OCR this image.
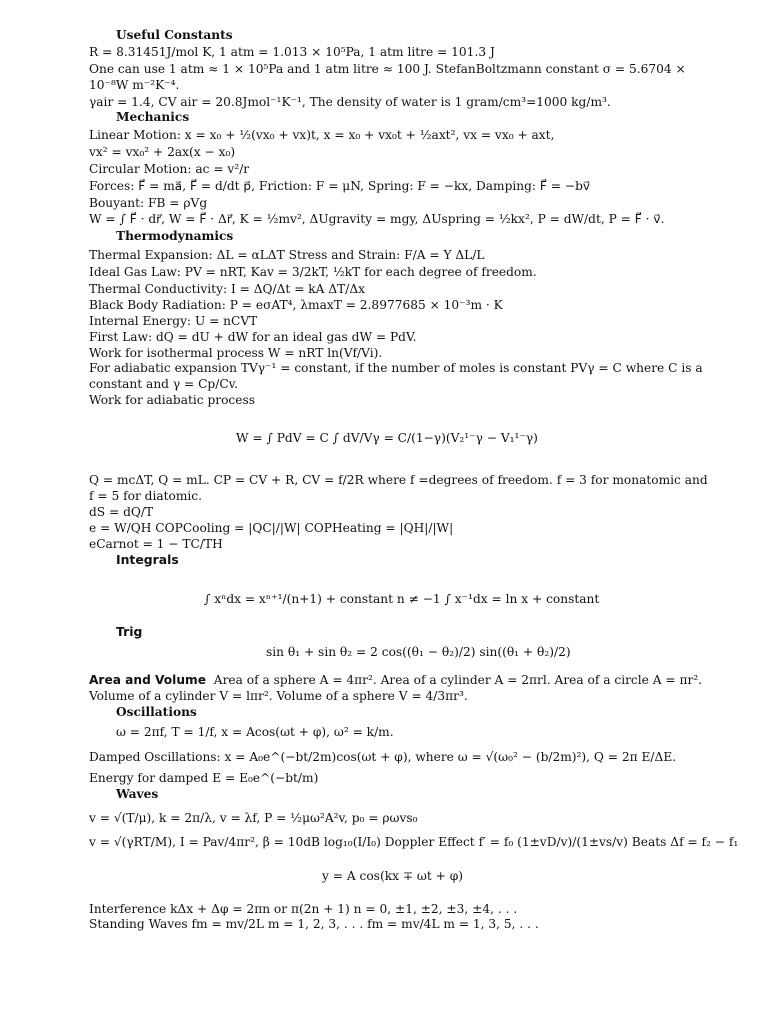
Useful Constants
R = 8.31451J/mol K, 1 atm = 1.013 × 10⁵Pa, 1 atm litre = 101.3 J
One can use 1 atm ≈ 1 × 10⁵Pa and 1 atm litre ≈ 100 J. StefanBoltzmann constant σ = 5.6704 ×
10⁻⁸W m⁻²K⁻⁴.
γair = 1.4, CV air = 20.8Jmol⁻¹K⁻¹, The density of water is 1 gram/cm³=1000 kg/m³.
Mechanics
Linear Motion: x = x₀ + ½(vx₀ + vx)t, x = x₀ + vx₀t + ½axt², vx = vx₀ + axt,
vx² = vx₀² + 2ax(x − x₀)
Circular Motion: ac = v²/r
Forces: F⃗ = ma⃗, F⃗ = d/dt p⃗, Friction: F = μN, Spring: F = −kx, Damping: F⃗ = −bv⃗
Bouyant: FB = ρVg
W = ∫ F⃗ · dr⃗, W = F⃗ · Δr⃗, K = ½mv², ΔUgravity = mgy, ΔUspring = ½kx², P = dW/dt, P = F⃗ · v⃗.
Thermodynamics
Thermal Expansion: ΔL = αLΔT Stress and Strain: F/A = Y ΔL/L
Ideal Gas Law: PV = nRT, Kav = 3/2kT, ½kT for each degree of freedom.
Thermal Conductivity: I = ΔQ/Δt = kA ΔT/Δx
Black Body Radiation: P = eσAT⁴, λmaxT = 2.8977685 × 10⁻³m · K
Internal Energy: U = nCVT
First Law: dQ = dU + dW for an ideal gas dW = PdV.
Work for isothermal process W = nRT ln(Vf/Vi).
For adiabatic expansion TVγ⁻¹ = constant, if the number of moles is constant PVγ = C where C is a
constant and γ = Cp/Cv.
Work for adiabatic process
W = ∫ PdV = C ∫ dV/Vγ = C/(1−γ)(V₂¹⁻γ − V₁¹⁻γ)
Q = mcΔT, Q = mL. CP = CV + R, CV = f/2R where f =degrees of freedom. f = 3 for monatomic and
f = 5 for diatomic.
dS = dQ/T
e = W/QH COPCooling = |QC|/|W| COPHeating = |QH|/|W|
eCarnot = 1 − TC/TH
Integrals
∫ xⁿdx = xⁿ⁺¹/(n+1) + constant n ≠ −1 ∫ x⁻¹dx = ln x + constant
Trig
sin θ₁ + sin θ₂ = 2 cos((θ₁ − θ₂)/2) sin((θ₁ + θ₂)/2)
Area and Volume Area of a sphere A = 4πr². Area of a cylinder A = 2πrl. Area of a circle A = πr².
Volume of a cylinder V = lπr². Volume of a sphere V = 4/3πr³.
Oscillations
ω = 2πf, T = 1/f, x = Acos(ωt + φ), ω² = k/m.
Damped Oscillations: x = A₀e^(−bt/2m)cos(ωt + φ), where ω = √(ω₀² − (b/2m)²), Q = 2π E/ΔE.
Energy for damped E = E₀e^(−bt/m)
Waves
v = √(T/μ), k = 2π/λ, v = λf, P = ½μω²A²v, p₀ = ρωvs₀
v = √(γRT/M), I = Pav/4πr², β = 10dB log₁₀(I/I₀) Doppler Effect f′ = f₀ (1±vD/v)/(1±vs/v) Beats Δf = f₂ − f₁
y = A cos(kx ∓ ωt + φ)
Interference kΔx + Δφ = 2πn or π(2n + 1) n = 0, ±1, ±2, ±3, ±4, . . .
Standing Waves fm = mv/2L m = 1, 2, 3, . . . fm = mv/4L m = 1, 3, 5, . . .
